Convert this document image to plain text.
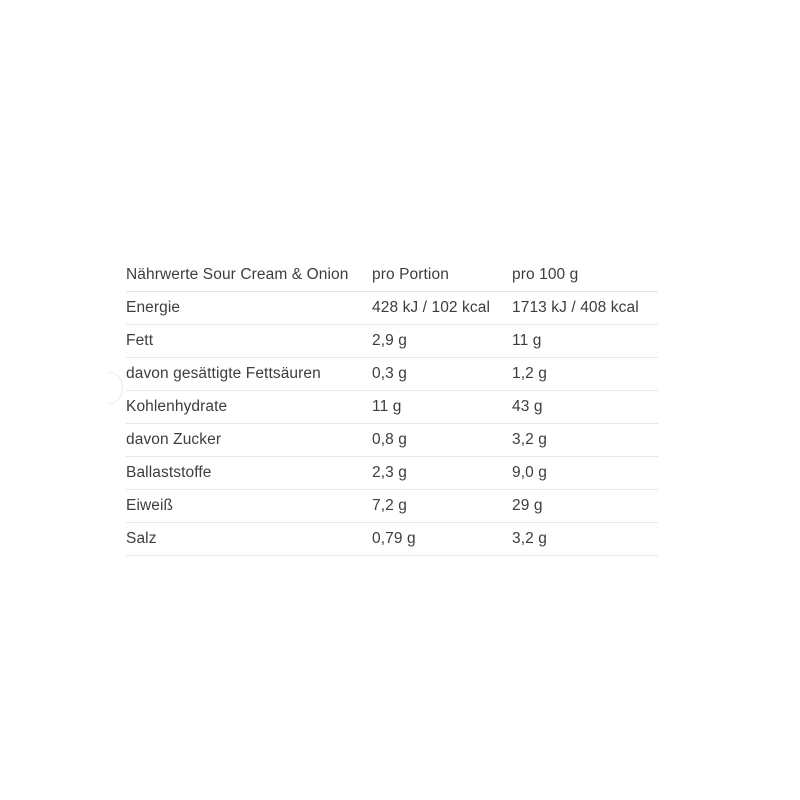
Nährwerte Sour Cream & Onion	pro Portion	pro 100 g
Energie	428 kJ / 102 kcal	1713 kJ / 408 kcal
Fett	2,9 g	11 g
davon gesättigte Fettsäuren	0,3 g	1,2 g
Kohlenhydrate	11 g	43 g
davon Zucker	0,8 g	3,2 g
Ballaststoffe	2,3 g	9,0 g
Eiweiß	7,2 g	29 g
Salz	0,79 g	3,2 g
